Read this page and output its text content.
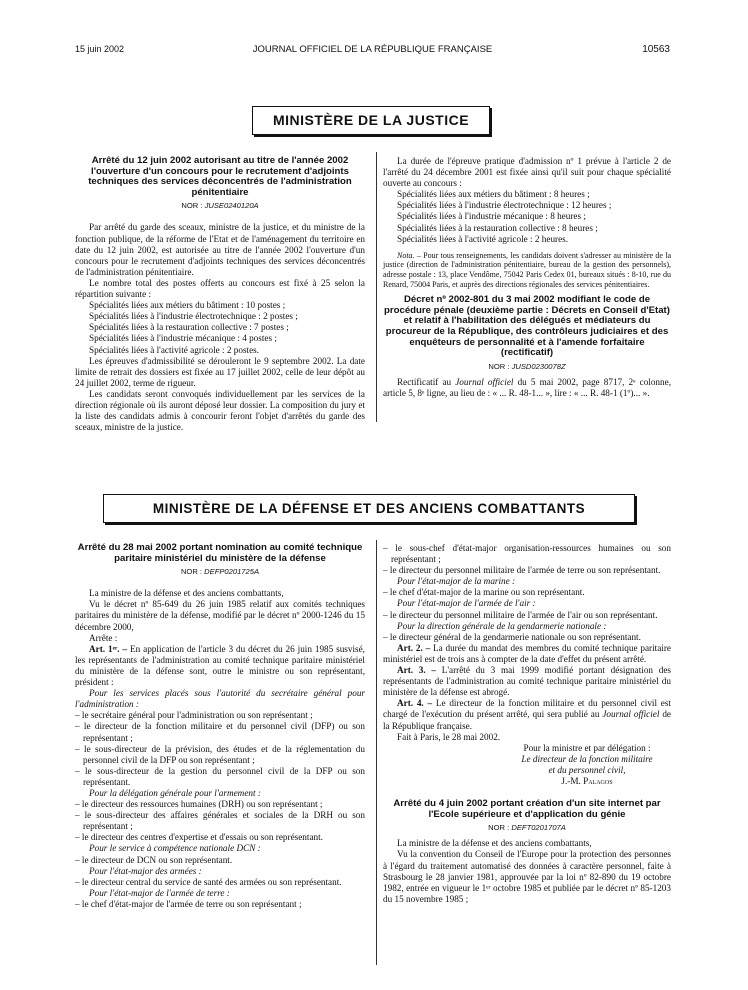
15 juin 2002	JOURNAL OFFICIEL DE LA RÉPUBLIQUE FRANÇAISE	10563
MINISTÈRE DE LA JUSTICE

Arrêté du 12 juin 2002 autorisant au titre de l'année 2002 l'ouverture d'un concours pour le recrutement d'adjoints techniques des services déconcentrés de l'administration pénitentiaire

NOR : JUSE0240120A

Par arrêté du garde des sceaux, ministre de la justice, et du ministre de la fonction publique, de la réforme de l'Etat et de l'aménagement du territoire en date du 12 juin 2002, est autorisée au titre de l'année 2002 l'ouverture d'un concours pour le recrutement d'adjoints techniques des services déconcentrés de l'administration pénitentiaire.

Le nombre total des postes offerts au concours est fixé à 25 selon la répartition suivante :

Spécialités liées aux métiers du bâtiment : 10 postes ;

Spécialités liées à l'industrie électrotechnique : 2 postes ;

Spécialités liées à la restauration collective : 7 postes ;

Spécialités liées à l'industrie mécanique : 4 postes ;

Spécialités liées à l'activité agricole : 2 postes.

Les épreuves d'admissibilité se dérouleront le 9 septembre 2002. La date limite de retrait des dossiers est fixée au 17 juillet 2002, celle de leur dépôt au 24 juillet 2002, terme de rigueur.

Les candidats seront convoqués individuellement par les services de la direction régionale où ils auront déposé leur dossier. La composition du jury et la liste des candidats admis à concourir feront l'objet d'arrêtés du garde des sceaux, ministre de la justice.

La durée de l'épreuve pratique d'admission nº 1 prévue à l'article 2 de l'arrêté du 24 décembre 2001 est fixée ainsi qu'il suit pour chaque spécialité ouverte au concours :

Spécialités liées aux métiers du bâtiment : 8 heures ;

Spécialités liées à l'industrie électrotechnique : 12 heures ;

Spécialités liées à l'industrie mécanique : 8 heures ;

Spécialités liées à la restauration collective : 8 heures ;

Spécialités liées à l'activité agricole : 2 heures.

Nota. – Pour tous renseignements, les candidats doivent s'adresser au ministère de la justice (direction de l'administration pénitentiaire, bureau de la gestion des personnels), adresse postale : 13, place Vendôme, 75042 Paris Cedex 01, bureaux situés : 8-10, rue du Renard, 75004 Paris, et auprès des directions régionales des services pénitentiaires.

Décret nº 2002-801 du 3 mai 2002 modifiant le code de procédure pénale (deuxième partie : Décrets en Conseil d'Etat) et relatif à l'habilitation des délégués et médiateurs du procureur de la République, des contrôleurs judiciaires et des enquêteurs de personnalité et à l'amende forfaitaire (rectificatif)

NOR : JUSD0230078Z

Rectificatif au Journal officiel du 5 mai 2002, page 8717, 2ᵉ colonne, article 5, 8ᵉ ligne, au lieu de : « ... R. 48-1... », lire : « ... R. 48-1 (1º)... ».

MINISTÈRE DE LA DÉFENSE ET DES ANCIENS COMBATTANTS

Arrêté du 28 mai 2002 portant nomination au comité technique paritaire ministériel du ministère de la défense

NOR : DEFP0201725A

La ministre de la défense et des anciens combattants,

Vu le décret nº 85-649 du 26 juin 1985 relatif aux comités techniques paritaires du ministère de la défense, modifié par le décret nº 2000-1246 du 15 décembre 2000,

Arrête :

Art. 1ᵉʳ. – En application de l'article 3 du décret du 26 juin 1985 susvisé, les représentants de l'administration au comité technique paritaire ministériel du ministère de la défense sont, outre le ministre ou son représentant, président :

Pour les services placés sous l'autorité du secrétaire général pour l'administration :

– le secrétaire général pour l'administration ou son représentant ;

– le directeur de la fonction militaire et du personnel civil (DFP) ou son représentant ;

– le sous-directeur de la prévision, des études et de la réglementation du personnel civil de la DFP ou son représentant ;

– le sous-directeur de la gestion du personnel civil de la DFP ou son représentant.

Pour la délégation générale pour l'armement :

– le directeur des ressources humaines (DRH) ou son représentant ;

– le sous-directeur des affaires générales et sociales de la DRH ou son représentant ;

– le directeur des centres d'expertise et d'essais ou son représentant.

Pour le service à compétence nationale DCN :

– le directeur de DCN ou son représentant.

Pour l'état-major des armées :

– le directeur central du service de santé des armées ou son représentant.

Pour l'état-major de l'armée de terre :

– le chef d'état-major de l'armée de terre ou son représentant ;

– le sous-chef d'état-major organisation-ressources humaines ou son représentant ;

– le directeur du personnel militaire de l'armée de terre ou son représentant.

Pour l'état-major de la marine :

– le chef d'état-major de la marine ou son représentant.

Pour l'état-major de l'armée de l'air :

– le directeur du personnel militaire de l'armée de l'air ou son représentant.

Pour la direction générale de la gendarmerie nationale :

– le directeur général de la gendarmerie nationale ou son représentant.

Art. 2. – La durée du mandat des membres du comité technique paritaire ministériel est de trois ans à compter de la date d'effet du présent arrêté.

Art. 3. – L'arrêté du 3 mai 1999 modifié portant désignation des représentants de l'administration au comité technique paritaire ministériel du ministère de la défense est abrogé.

Art. 4. – Le directeur de la fonction militaire et du personnel civil est chargé de l'exécution du présent arrêté, qui sera publié au Journal officiel de la République française.

Fait à Paris, le 28 mai 2002.

Pour la ministre et par délégation :

Le directeur de la fonction militaire

et du personnel civil,

J.-M. Palagos

Arrêté du 4 juin 2002 portant création d'un site internet par l'Ecole supérieure et d'application du génie

NOR : DEFT0201707A

La ministre de la défense et des anciens combattants,

Vu la convention du Conseil de l'Europe pour la protection des personnes à l'égard du traitement automatisé des données à caractère personnel, faite à Strasbourg le 28 janvier 1981, approuvée par la loi nº 82-890 du 19 octobre 1982, entrée en vigueur le 1ᵉʳ octobre 1985 et publiée par le décret nº 85-1203 du 15 novembre 1985 ;
